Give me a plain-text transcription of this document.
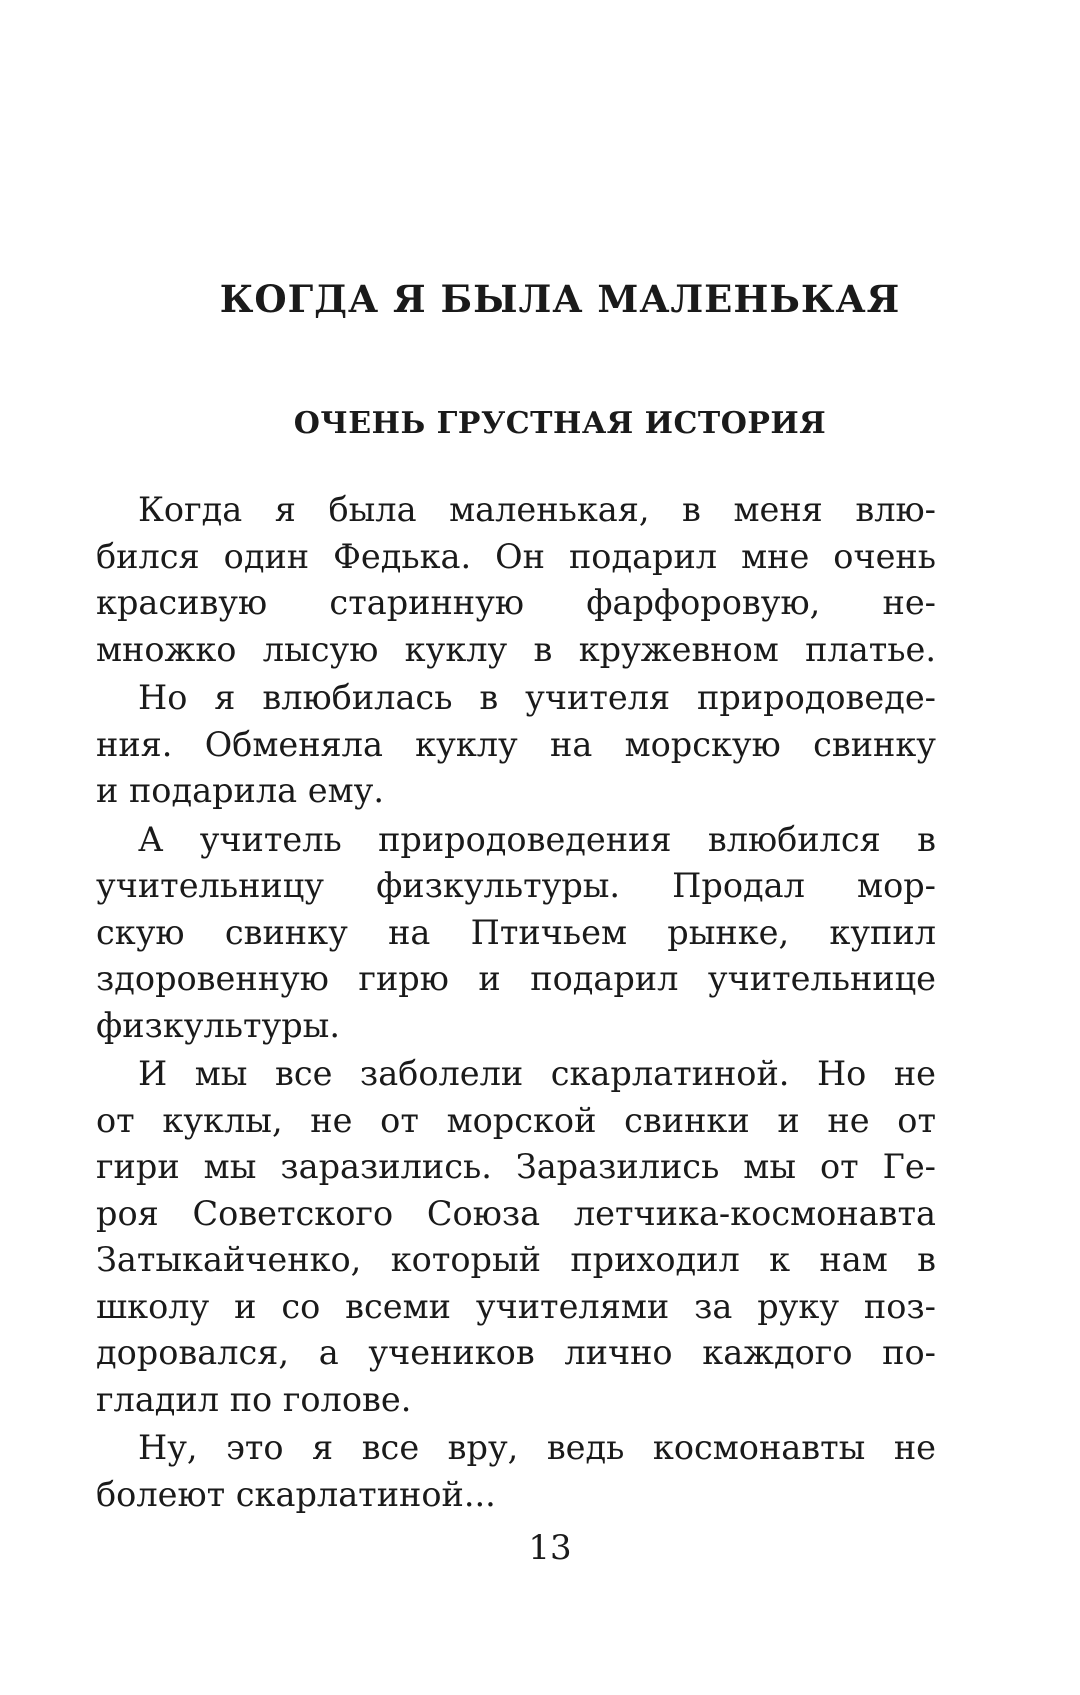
КОГДА Я БЫЛА МАЛЕНЬКАЯ
ОЧЕНЬ ГРУСТНАЯ ИСТОРИЯ
Когда я была маленькая, в меня влю-
бился один Федька. Он подарил мне очень
красивую старинную фарфоровую, не-
множко лысую куклу в кружевном платье.
Но я влюбилась в учителя природоведе-
ния. Обменяла куклу на морскую свинку
и подарила ему.
А учитель природоведения влюбился в
учительницу физкультуры. Продал мор-
скую свинку на Птичьем рынке, купил
здоровенную гирю и подарил учительнице
физкультуры.
И мы все заболели скарлатиной. Но не
от куклы, не от морской свинки и не от
гири мы заразились. Заразились мы от Ге-
роя Советского Союза летчика-космонавта
Затыкайченко, который приходил к нам в
школу и со всеми учителями за руку поз-
доровался, а учеников лично каждого по-
гладил по голове.
Ну, это я все вру, ведь космонавты не
болеют скарлатиной...
13
